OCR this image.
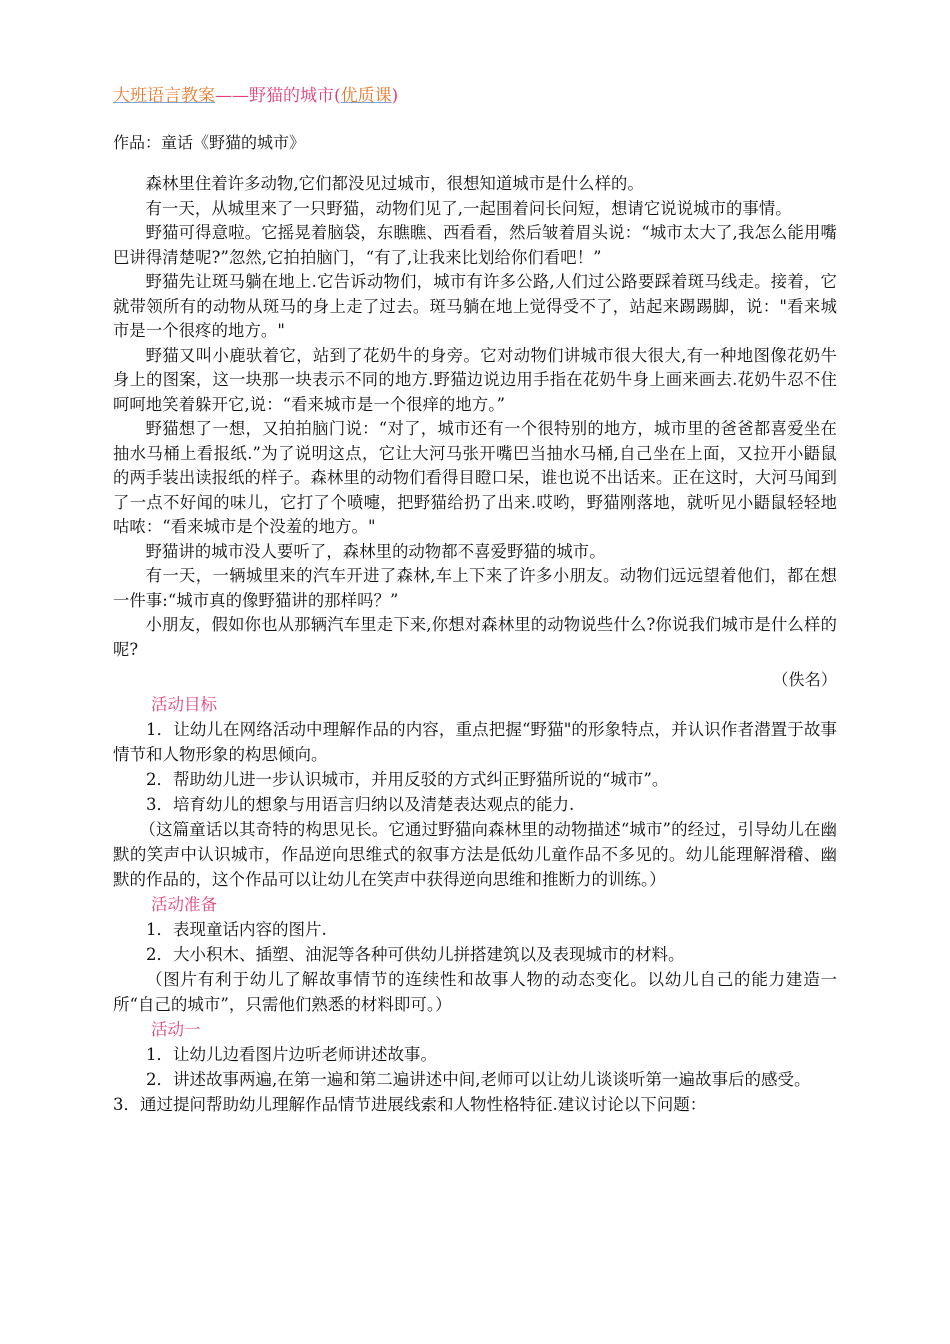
大班语言教案——野猫的城市(优质课)
作品：童话《野猫的城市》

森林里住着许多动物,它们都没见过城市，很想知道城市是什么样的。

有一天，从城里来了一只野猫，动物们见了,一起围着问长问短，想请它说说城市的事情。

野猫可得意啦。它摇晃着脑袋，东瞧瞧、西看看，然后皱着眉头说：“城市太大了,我怎么能用嘴巴讲得清楚呢?”忽然,它拍拍脑门，“有了,让我来比划给你们看吧！”

野猫先让斑马躺在地上.它告诉动物们，城市有许多公路,人们过公路要踩着斑马线走。接着，它就带领所有的动物从斑马的身上走了过去。斑马躺在地上觉得受不了，站起来踢踢脚，说："看来城市是一个很疼的地方。"

野猫又叫小鹿驮着它，站到了花奶牛的身旁。它对动物们讲城市很大很大,有一种地图像花奶牛身上的图案，这一块那一块表示不同的地方.野猫边说边用手指在花奶牛身上画来画去.花奶牛忍不住呵呵地笑着躲开它,说：“看来城市是一个很痒的地方。”

野猫想了一想，又拍拍脑门说：“对了，城市还有一个很特别的地方，城市里的爸爸都喜爱坐在抽水马桶上看报纸.”为了说明这点，它让大河马张开嘴巴当抽水马桶,自己坐在上面，又拉开小鼯鼠的两手装出读报纸的样子。森林里的动物们看得目瞪口呆，谁也说不出话来。正在这时，大河马闻到了一点不好闻的味儿，它打了个喷嚏，把野猫给扔了出来.哎哟，野猫刚落地，就听见小鼯鼠轻轻地咕哝：“看来城市是个没羞的地方。"

野猫讲的城市没人要听了，森林里的动物都不喜爱野猫的城市。

有一天，一辆城里来的汽车开进了森林,车上下来了许多小朋友。动物们远远望着他们，都在想一件事:“城市真的像野猫讲的那样吗？”

小朋友，假如你也从那辆汽车里走下来,你想对森林里的动物说些什么?你说我们城市是什么样的呢?

（佚名）
活动目标

1．让幼儿在网络活动中理解作品的内容，重点把握“野猫"的形象特点，并认识作者潜置于故事情节和人物形象的构思倾向。

2．帮助幼儿进一步认识城市，并用反驳的方式纠正野猫所说的“城市”。

3．培育幼儿的想象与用语言归纳以及清楚表达观点的能力.

（这篇童话以其奇特的构思见长。它通过野猫向森林里的动物描述“城市”的经过，引导幼儿在幽默的笑声中认识城市，作品逆向思维式的叙事方法是低幼儿童作品不多见的。幼儿能理解滑稽、幽默的作品的，这个作品可以让幼儿在笑声中获得逆向思维和推断力的训练。）

活动准备

1．表现童话内容的图片.

2．大小积木、插塑、油泥等各种可供幼儿拼搭建筑以及表现城市的材料。

（图片有利于幼儿了解故事情节的连续性和故事人物的动态变化。以幼儿自己的能力建造一所“自己的城市”，只需他们熟悉的材料即可。）

活动一

1．让幼儿边看图片边听老师讲述故事。

2．讲述故事两遍,在第一遍和第二遍讲述中间,老师可以让幼儿谈谈听第一遍故事后的感受。

3．通过提问帮助幼儿理解作品情节进展线索和人物性格特征.建议讨论以下问题：
